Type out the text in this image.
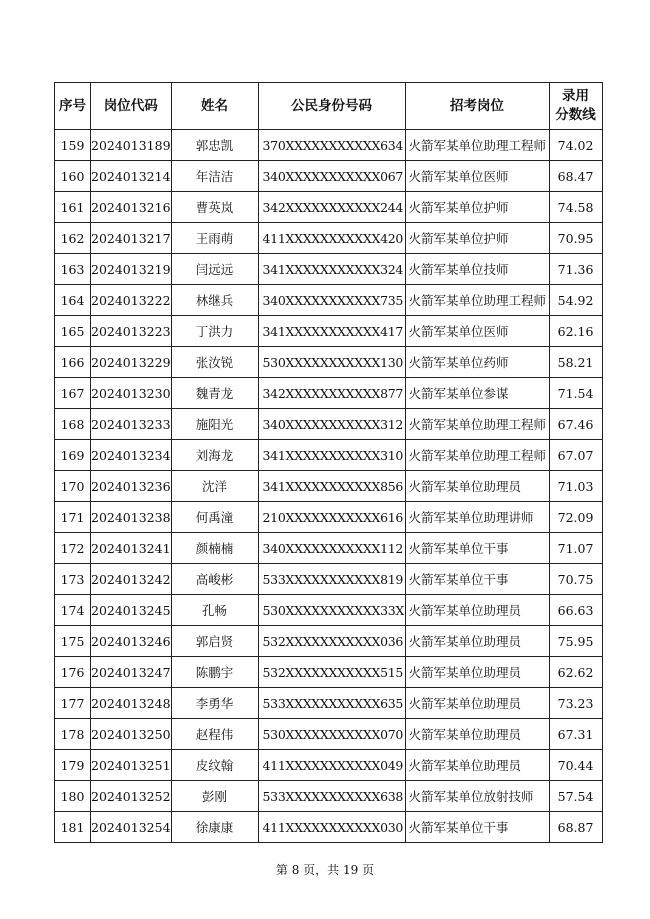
序号	岗位代码	姓名	公民身份号码	招考岗位	录用
分数线
159	2024013189	郭忠凯	370XXXXXXXXXXX634	火箭军某单位助理工程师	74.02
160	2024013214	年洁洁	340XXXXXXXXXXX067	火箭军某单位医师	68.47
161	2024013216	曹英岚	342XXXXXXXXXXX244	火箭军某单位护师	74.58
162	2024013217	王雨萌	411XXXXXXXXXXX420	火箭军某单位护师	70.95
163	2024013219	闫远远	341XXXXXXXXXXX324	火箭军某单位技师	71.36
164	2024013222	林继兵	340XXXXXXXXXXX735	火箭军某单位助理工程师	54.92
165	2024013223	丁洪力	341XXXXXXXXXXX417	火箭军某单位医师	62.16
166	2024013229	张汝锐	530XXXXXXXXXXX130	火箭军某单位药师	58.21
167	2024013230	魏青龙	342XXXXXXXXXXX877	火箭军某单位参谋	71.54
168	2024013233	施阳光	340XXXXXXXXXXX312	火箭军某单位助理工程师	67.46
169	2024013234	刘海龙	341XXXXXXXXXXX310	火箭军某单位助理工程师	67.07
170	2024013236	沈洋	341XXXXXXXXXXX856	火箭军某单位助理员	71.03
171	2024013238	何禹潼	210XXXXXXXXXXX616	火箭军某单位助理讲师	72.09
172	2024013241	颜楠楠	340XXXXXXXXXXX112	火箭军某单位干事	71.07
173	2024013242	高峻彬	533XXXXXXXXXXX819	火箭军某单位干事	70.75
174	2024013245	孔畅	530XXXXXXXXXXX33X	火箭军某单位助理员	66.63
175	2024013246	郭启贤	532XXXXXXXXXXX036	火箭军某单位助理员	75.95
176	2024013247	陈鹏宇	532XXXXXXXXXXX515	火箭军某单位助理员	62.62
177	2024013248	李勇华	533XXXXXXXXXXX635	火箭军某单位助理员	73.23
178	2024013250	赵程伟	530XXXXXXXXXXX070	火箭军某单位助理员	67.31
179	2024013251	皮纹翰	411XXXXXXXXXXX049	火箭军某单位助理员	70.44
180	2024013252	彭刚	533XXXXXXXXXXX638	火箭军某单位放射技师	57.54
181	2024013254	徐康康	411XXXXXXXXXXX030	火箭军某单位干事	68.87
第 8 页，共 19 页
